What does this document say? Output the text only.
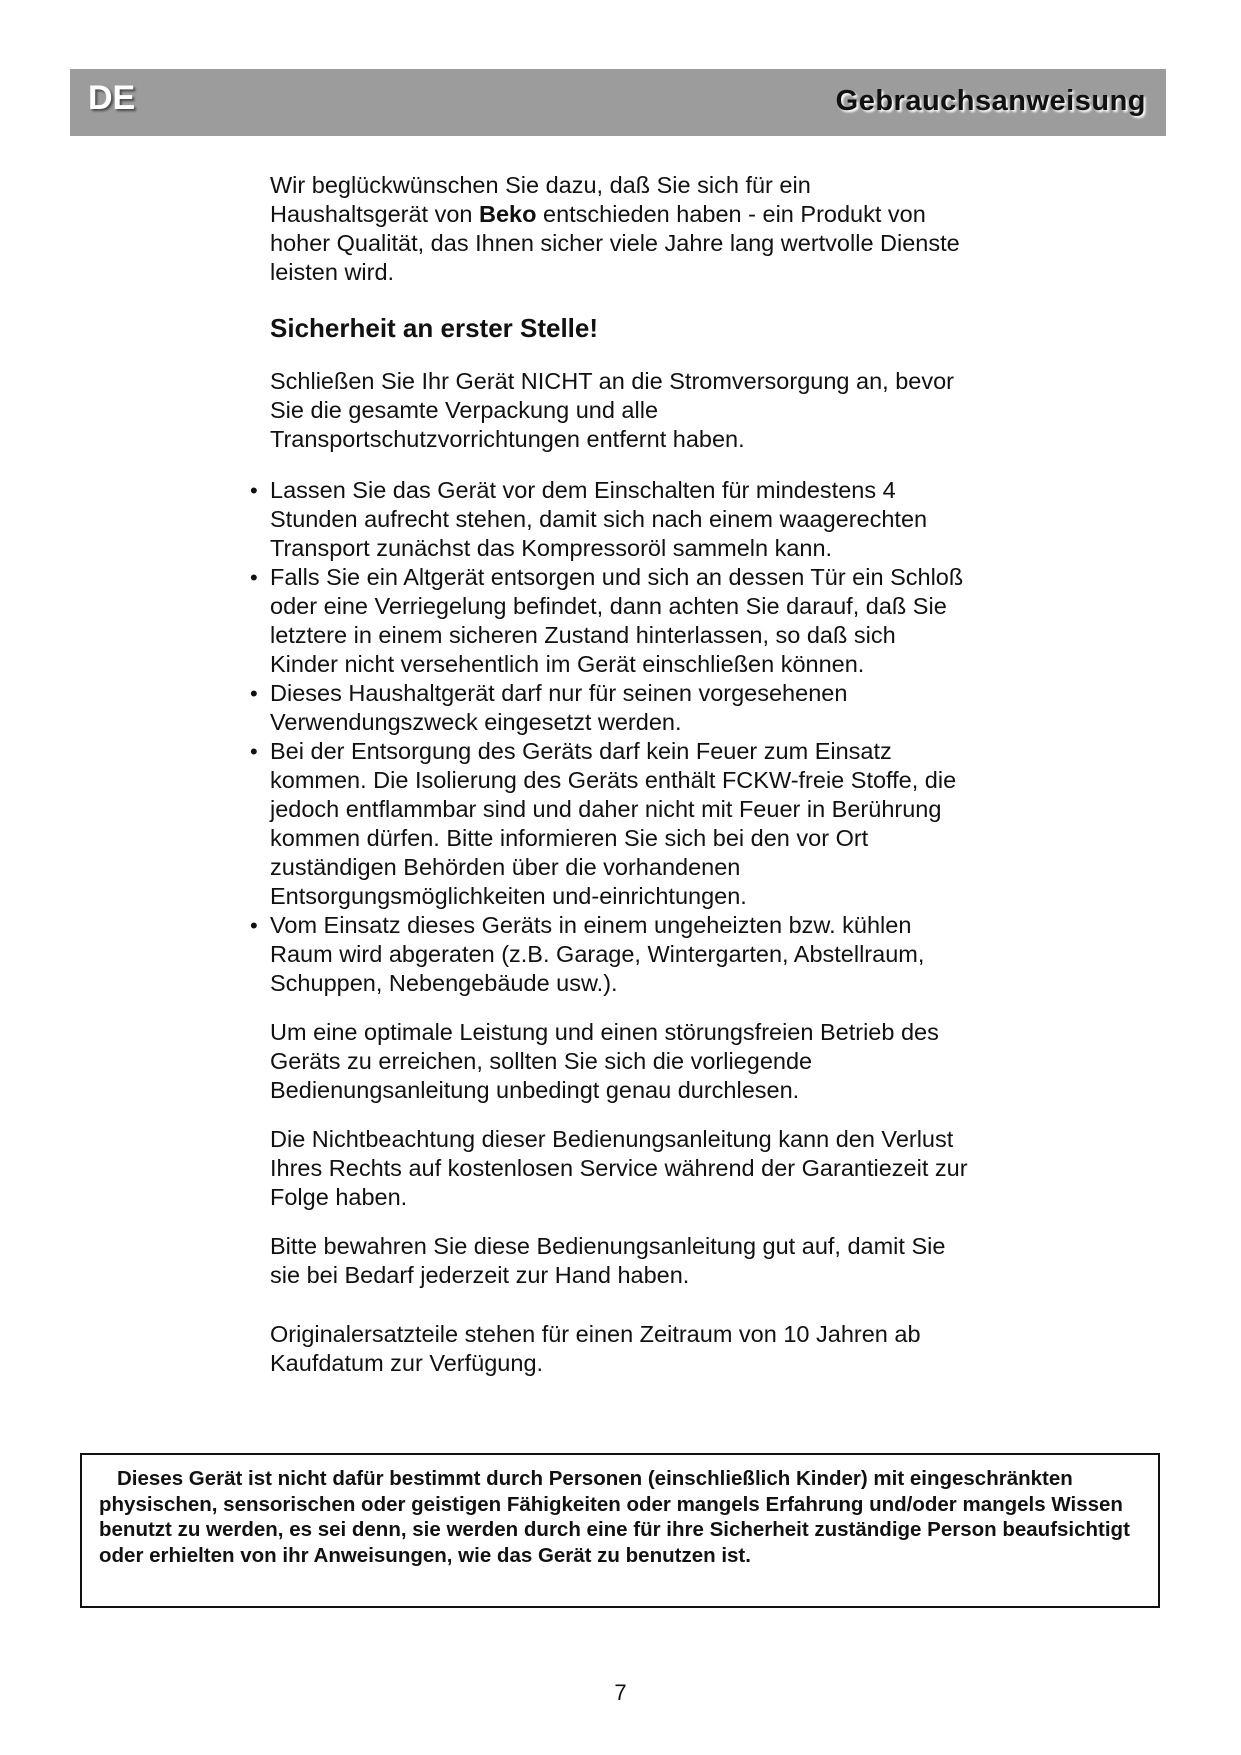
DE	Gebrauchsanweisung

Wir beglückwünschen Sie dazu, daß Sie sich für ein Haushaltsgerät von Beko entschieden haben - ein Produkt von hoher Qualität, das Ihnen sicher viele Jahre lang wertvolle Dienste leisten wird.

Sicherheit an erster Stelle!

Schließen Sie Ihr Gerät NICHT an die Stromversorgung an, bevor Sie die gesamte Verpackung und alle Transportschutzvorrichtungen entfernt haben.

• Lassen Sie das Gerät vor dem Einschalten für mindestens 4 Stunden aufrecht stehen, damit sich nach einem waagerechten Transport zunächst das Kompressoröl sammeln kann.
• Falls Sie ein Altgerät entsorgen und sich an dessen Tür ein Schloß oder eine Verriegelung befindet, dann achten Sie darauf, daß Sie letztere in einem sicheren Zustand hinterlassen, so daß sich Kinder nicht versehentlich im Gerät einschließen können.
• Dieses Haushaltgerät darf nur für seinen vorgesehenen Verwendungszweck eingesetzt werden.
• Bei der Entsorgung des Geräts darf kein Feuer zum Einsatz kommen. Die Isolierung des Geräts enthält FCKW-freie Stoffe, die jedoch entflammbar sind und daher nicht mit Feuer in Berührung kommen dürfen. Bitte informieren Sie sich bei den vor Ort zuständigen Behörden über die vorhandenen Entsorgungsmöglichkeiten und-einrichtungen.
• Vom Einsatz dieses Geräts in einem ungeheizten bzw. kühlen Raum wird abgeraten (z.B. Garage, Wintergarten, Abstellraum, Schuppen, Nebengebäude usw.).

Um eine optimale Leistung und einen störungsfreien Betrieb des Geräts zu erreichen, sollten Sie sich die vorliegende Bedienungsanleitung unbedingt genau durchlesen.

Die Nichtbeachtung dieser Bedienungsanleitung kann den Verlust Ihres Rechts auf kostenlosen Service während der Garantiezeit zur Folge haben.

Bitte bewahren Sie diese Bedienungsanleitung gut auf, damit Sie sie bei Bedarf jederzeit zur Hand haben.

Originalersatzteile stehen für einen Zeitraum von 10 Jahren ab Kaufdatum zur Verfügung.

Dieses Gerät ist nicht dafür bestimmt durch Personen (einschließlich Kinder) mit eingeschränkten physischen, sensorischen oder geistigen Fähigkeiten oder mangels Erfahrung und/oder mangels Wissen benutzt zu werden, es sei denn, sie werden durch eine für ihre Sicherheit zuständige Person beaufsichtigt oder erhielten von ihr Anweisungen, wie das Gerät zu benutzen ist.
7
